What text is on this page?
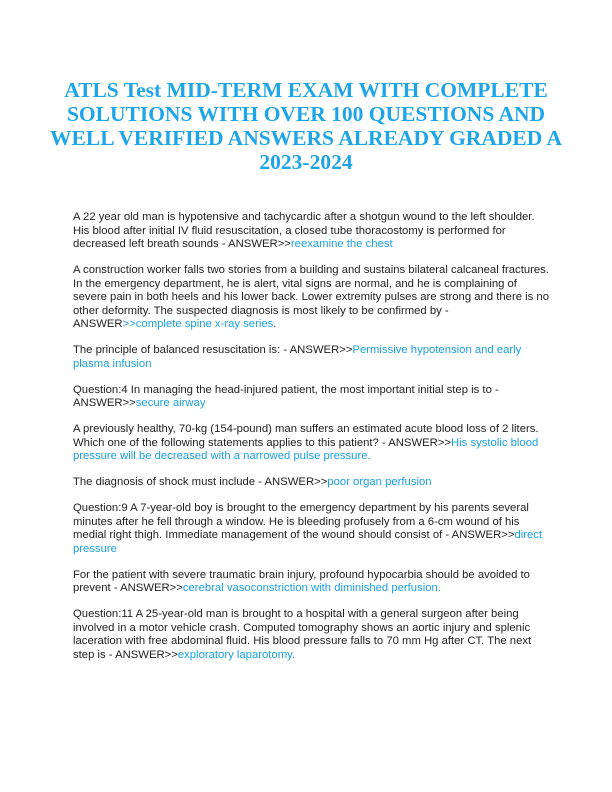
ATLS Test MID-TERM EXAM WITH COMPLETE SOLUTIONS WITH OVER 100 QUESTIONS AND WELL VERIFIED ANSWERS ALREADY GRADED A 2023-2024

A 22 year old man is hypotensive and tachycardic after a shotgun wound to the left shoulder. His blood after initial IV fluid resuscitation, a closed tube thoracostomy is performed for decreased left breath sounds - ANSWER>>reexamine the chest

A construction worker falls two stories from a building and sustains bilateral calcaneal fractures. In the emergency department, he is alert, vital signs are normal, and he is complaining of severe pain in both heels and his lower back. Lower extremity pulses are strong and there is no other deformity. The suspected diagnosis is most likely to be confirmed by - ANSWER>>complete spine x-ray series.

The principle of balanced resuscitation is: - ANSWER>>Permissive hypotension and early plasma infusion

Question:4 In managing the head-injured patient, the most important initial step is to - ANSWER>>secure airway

A previously healthy, 70-kg (154-pound) man suffers an estimated acute blood loss of 2 liters. Which one of the following statements applies to this patient? - ANSWER>>His systolic blood pressure will be decreased with a narrowed pulse pressure.

The diagnosis of shock must include - ANSWER>>poor organ perfusion

Question:9 A 7-year-old boy is brought to the emergency department by his parents several minutes after he fell through a window. He is bleeding profusely from a 6-cm wound of his medial right thigh. Immediate management of the wound should consist of - ANSWER>>direct pressure

For the patient with severe traumatic brain injury, profound hypocarbia should be avoided to prevent - ANSWER>>cerebral vasoconstriction with diminished perfusion.

Question:11 A 25-year-old man is brought to a hospital with a general surgeon after being involved in a motor vehicle crash. Computed tomography shows an aortic injury and splenic laceration with free abdominal fluid. His blood pressure falls to 70 mm Hg after CT. The next step is - ANSWER>>exploratory laparotomy.
